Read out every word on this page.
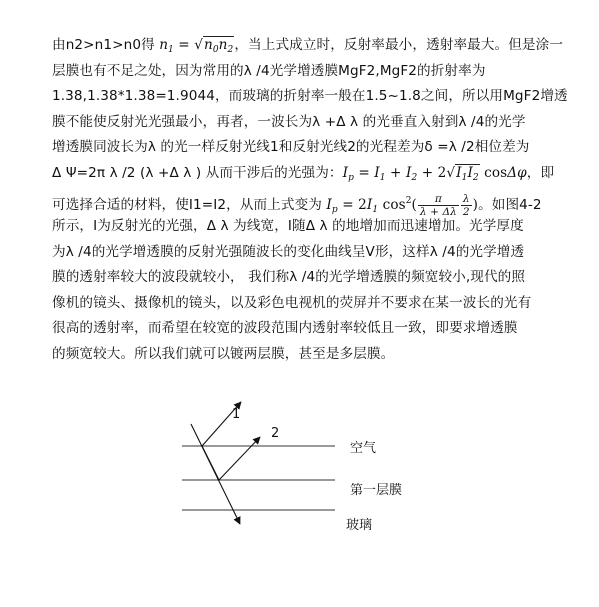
由n2>n1>n0得 $n_1 = √n_0n_2$，当上式成立时，反射率最小，透射率最大。但是涂一
层膜也有不足之处，因为常用的λ /4光学增透膜MgF2,MgF2的折射率为
1.38,1.38*1.38=1.9044，而玻璃的折射率一般在1.5~1.8之间，所以用MgF2增透
膜不能使反射光光强最小，再者，一波长为λ +Δ λ 的光垂直入射到λ /4的光学
增透膜同波长为λ 的光一样反射光线1和反射光线2的光程差为δ =λ /2相位差为
Δ Ψ=2π λ /2 (λ +Δ λ ) 从而干涉后的光强为：$I_p = I_1 + I_2 + 2√I_1I_2$ cosΔφ，即
可选择合适的材料，使I1=I2，从而上式变为 $I_p = 2I_1$ $\cos^2( \frac{\pi}{\lambda + \Delta\lambda} \frac{\lambda}{2}$ )。如图4-2
所示，I为反射光的光强，Δ λ 为线宽，I随Δ λ 的地增加而迅速增加。光学厚度
为λ /4的光学增透膜的反射光强随波长的变化曲线呈V形，这样λ /4的光学增透
膜的透射率较大的波段就较小， 我们称λ /4的光学增透膜的频宽较小,现代的照
像机的镜头、摄像机的镜头，以及彩色电视机的荧屏并不要求在某一波长的光有
很高的透射率，而希望在较宽的波段范围内透射率较低且一致，即要求增透膜
的频宽较大。所以我们就可以镀两层膜，甚至是多层膜。
1
2
空气
第一层膜
玻璃
